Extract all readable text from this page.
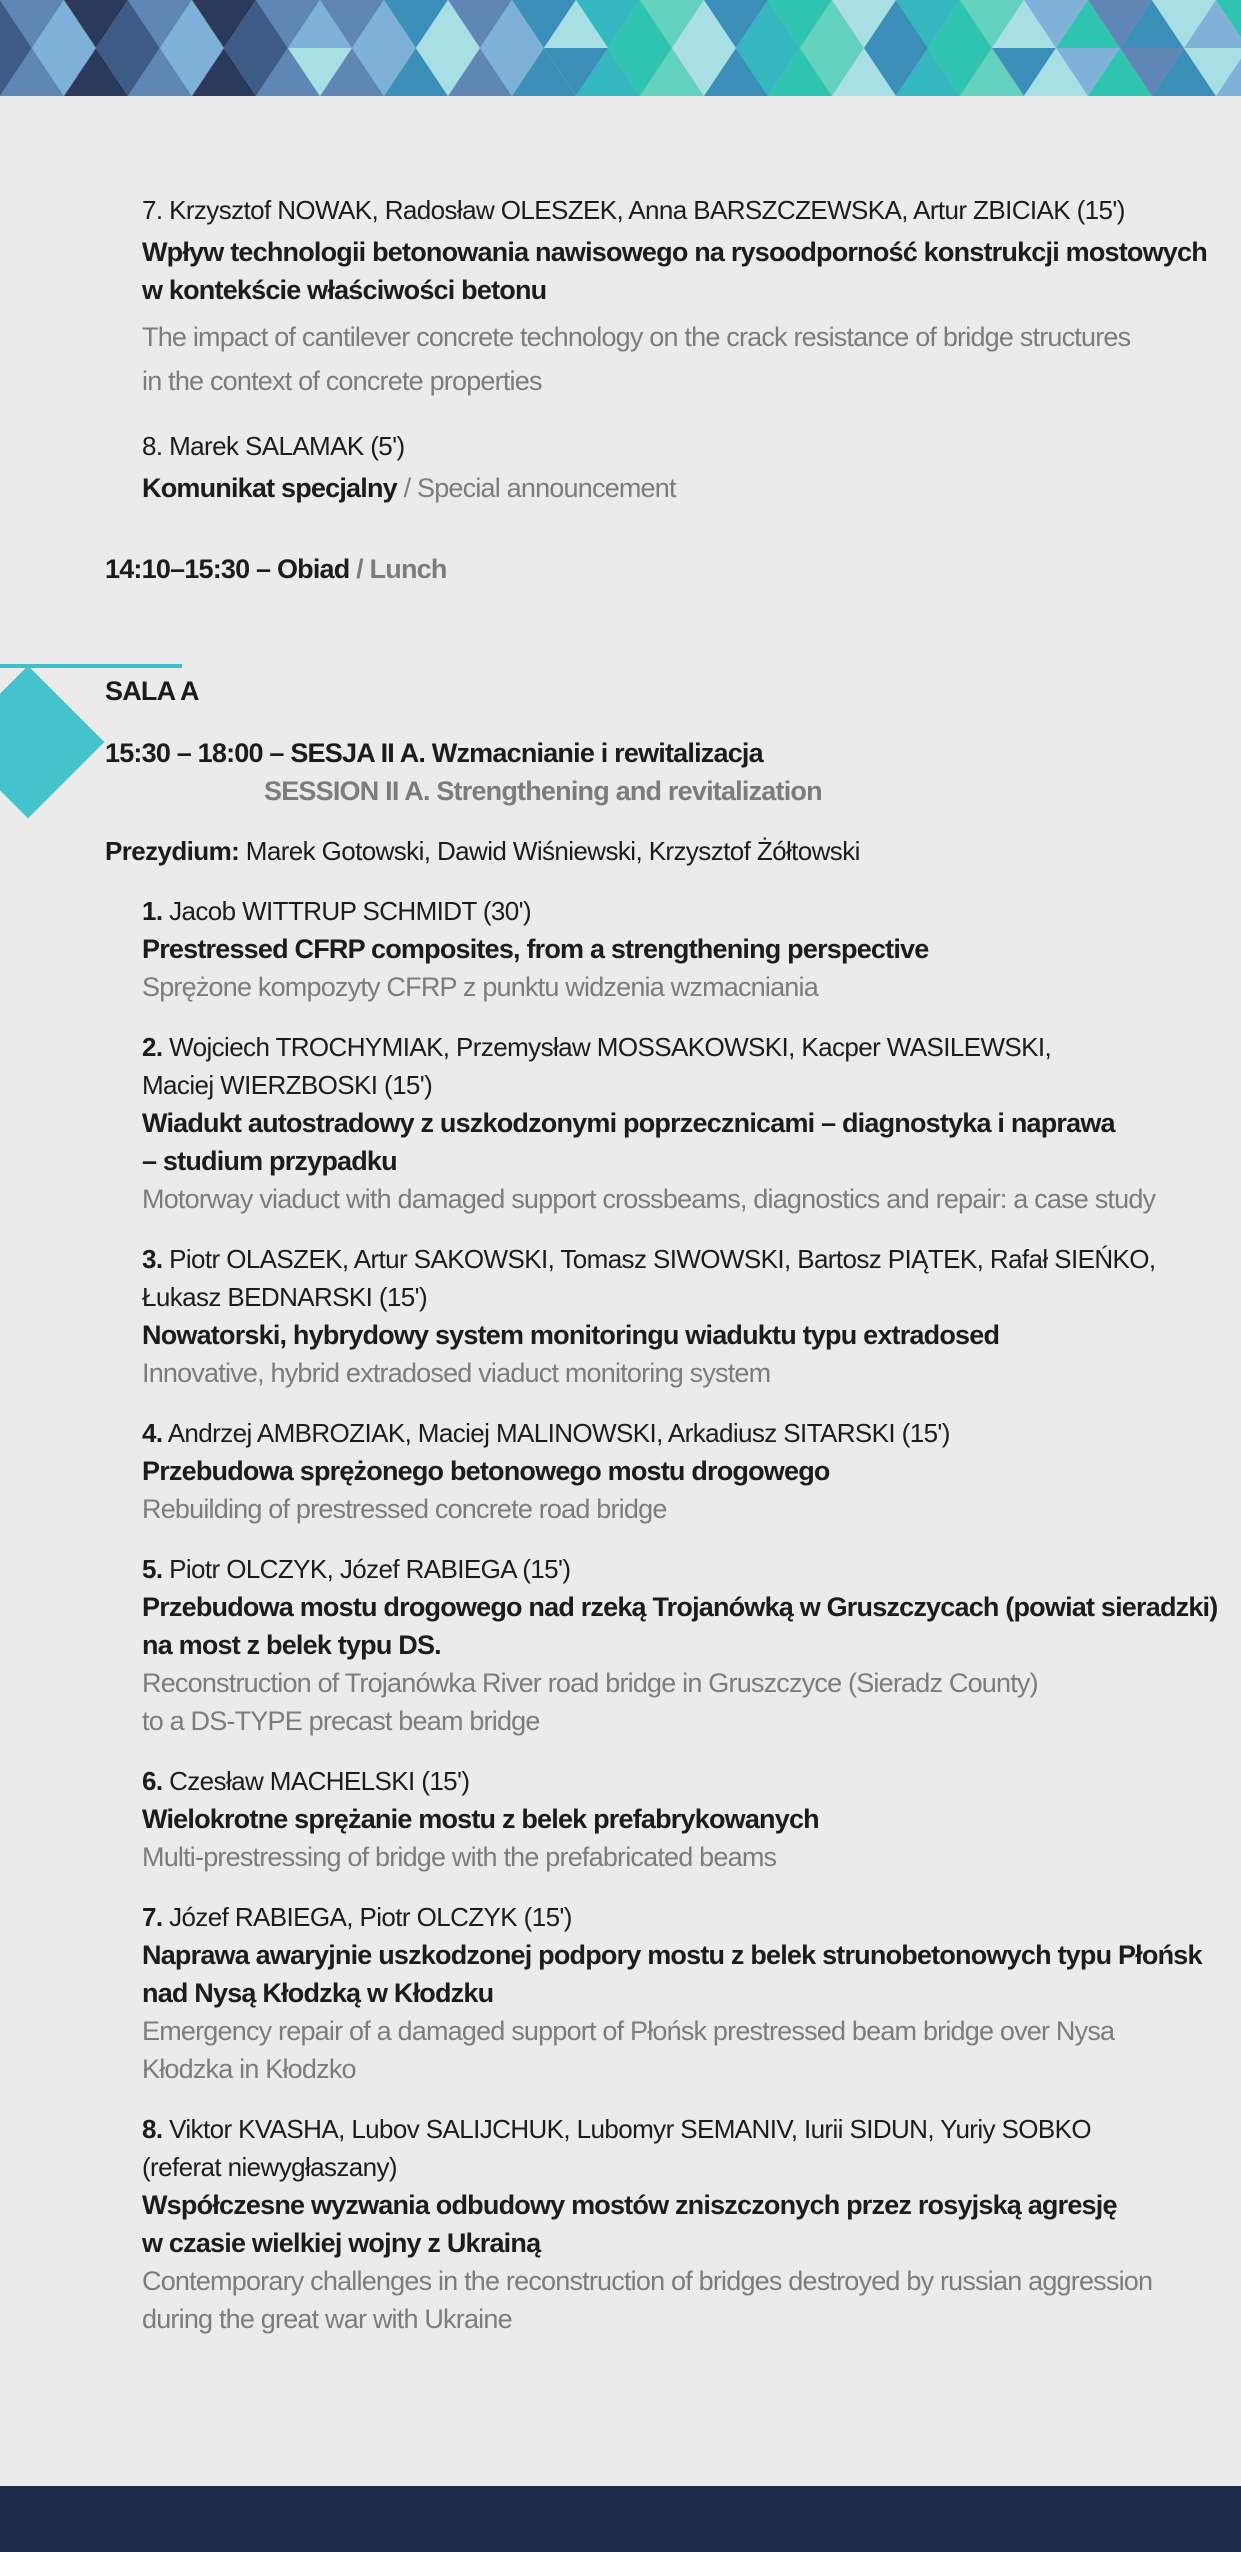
7. Krzysztof NOWAK, Radosław OLESZEK, Anna BARSZCZEWSKA, Artur ZBICIAK (15')
Wpływ technologii betonowania nawisowego na rysoodporność konstrukcji mostowych
w kontekście właściwości betonu
The impact of cantilever concrete technology on the crack resistance of bridge structures
in the context of concrete properties
8. Marek SALAMAK (5')
Komunikat specjalny / Special announcement
14:10–15:30 – Obiad / Lunch
SALA A
15:30 – 18:00 – SESJA II A. Wzmacnianie i rewitalizacja
SESSION II A. Strengthening and revitalization
Prezydium: Marek Gotowski, Dawid Wiśniewski, Krzysztof Żółtowski
1. Jacob WITTRUP SCHMIDT (30')
Prestressed CFRP composites, from a strengthening perspective
Sprężone kompozyty CFRP z punktu widzenia wzmacniania
2. Wojciech TROCHYMIAK, Przemysław MOSSAKOWSKI, Kacper WASILEWSKI,
Maciej WIERZBOSKI (15')
Wiadukt autostradowy z uszkodzonymi poprzecznicami – diagnostyka i naprawa
– studium przypadku
Motorway viaduct with damaged support crossbeams, diagnostics and repair: a case study
3. Piotr OLASZEK, Artur SAKOWSKI, Tomasz SIWOWSKI, Bartosz PIĄTEK, Rafał SIEŃKO,
Łukasz BEDNARSKI (15')
Nowatorski, hybrydowy system monitoringu wiaduktu typu extradosed
Innovative, hybrid extradosed viaduct monitoring system
4. Andrzej AMBROZIAK, Maciej MALINOWSKI, Arkadiusz SITARSKI (15')
Przebudowa sprężonego betonowego mostu drogowego
Rebuilding of prestressed concrete road bridge
5. Piotr OLCZYK, Józef RABIEGA (15')
Przebudowa mostu drogowego nad rzeką Trojanówką w Gruszczycach (powiat sieradzki)
na most z belek typu DS.
Reconstruction of Trojanówka River road bridge in Gruszczyce (Sieradz County)
to a DS-TYPE precast beam bridge
6. Czesław MACHELSKI (15')
Wielokrotne sprężanie mostu z belek prefabrykowanych
Multi-prestressing of bridge with the prefabricated beams
7. Józef RABIEGA, Piotr OLCZYK (15')
Naprawa awaryjnie uszkodzonej podpory mostu z belek strunobetonowych typu Płońsk
nad Nysą Kłodzką w Kłodzku
Emergency repair of a damaged support of Płońsk prestressed beam bridge over Nysa
Kłodzka in Kłodzko
8. Viktor KVASHA, Lubov SALIJCHUK, Lubomyr SEMANIV, Iurii SIDUN, Yuriy SOBKO
(referat niewygłaszany)
Współczesne wyzwania odbudowy mostów zniszczonych przez rosyjską agresję
w czasie wielkiej wojny z Ukrainą
Contemporary challenges in the reconstruction of bridges destroyed by russian aggression
during the great war with Ukraine
